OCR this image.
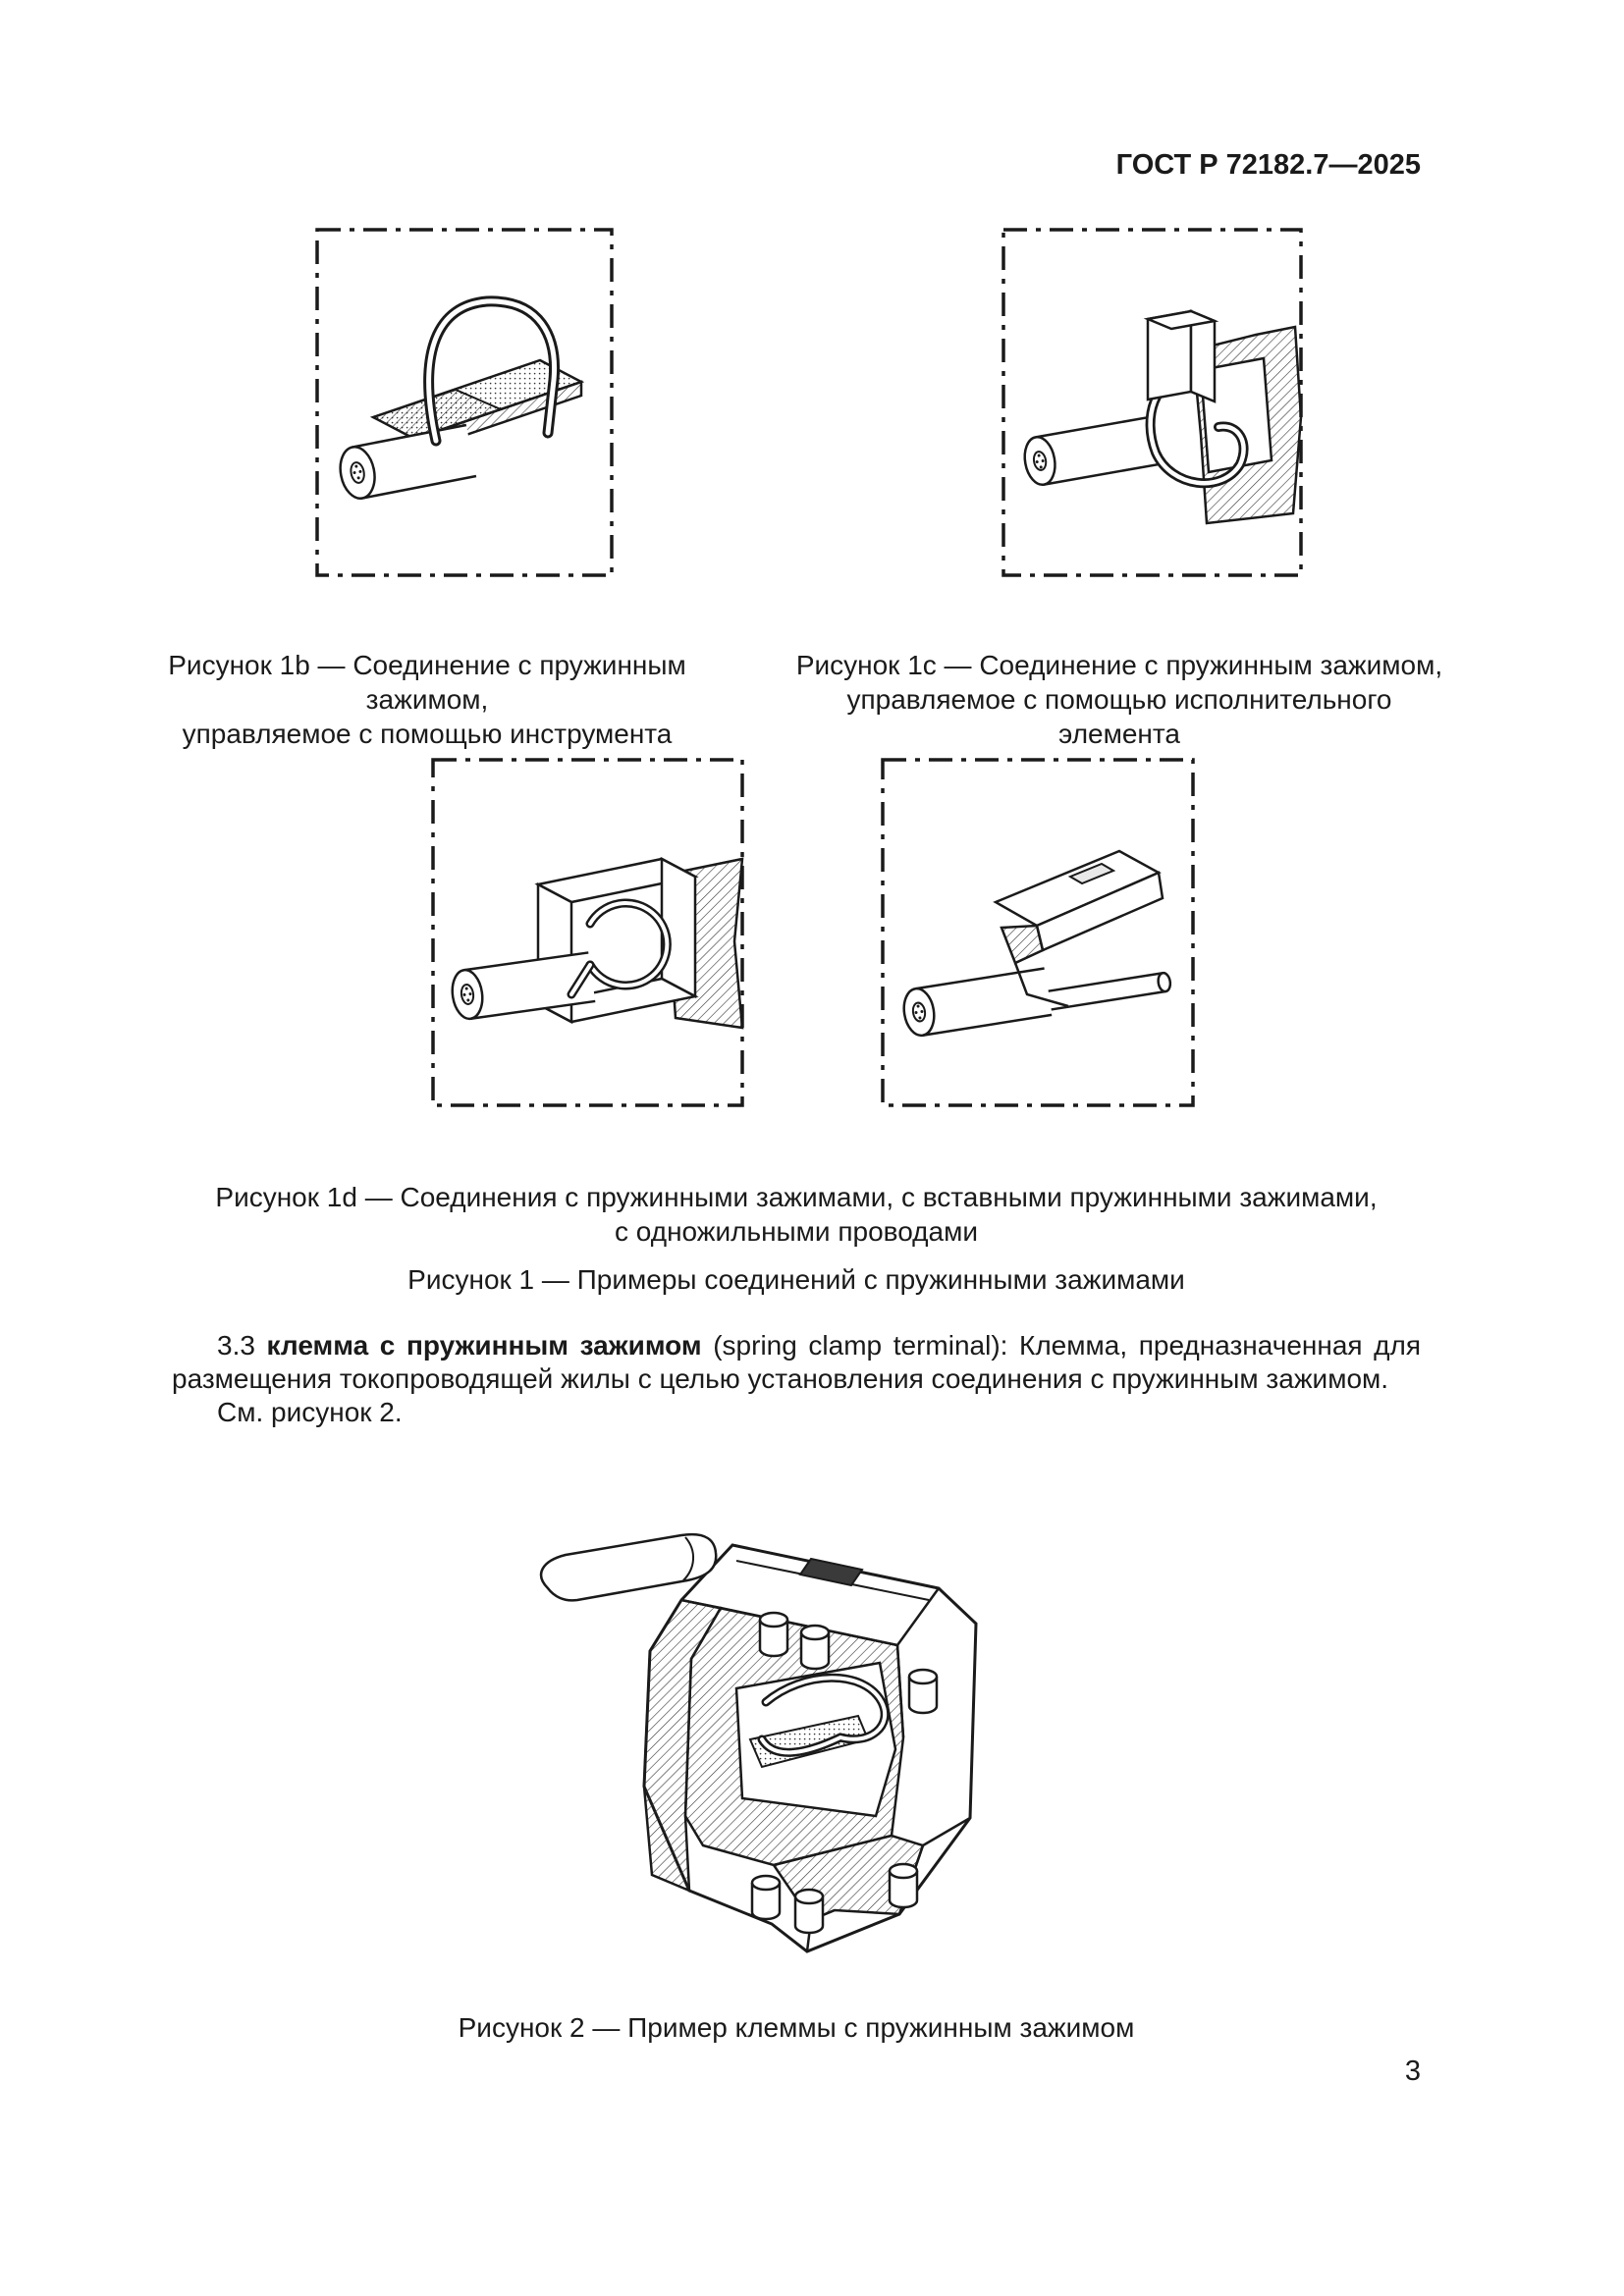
ГОСТ Р 72182.7—2025
Рисунок 1b — Соединение с пружинным зажимом,
управляемое с помощью инструмента
Рисунок 1c — Соединение с пружинным зажимом,
управляемое с помощью исполнительного элемента
Рисунок 1d — Соединения с пружинными зажимами, с вставными пружинными зажимами,
с одножильными проводами
Рисунок 1 — Примеры соединений с пружинными зажимами

3.3 клемма с пружинным зажимом (spring clamp terminal): Клемма, предназначенная для размещения токопроводящей жилы с целью установления соединения с пружинным зажимом.

См. рисунок 2.

Рисунок 2 — Пример клеммы с пружинным зажимом
3
